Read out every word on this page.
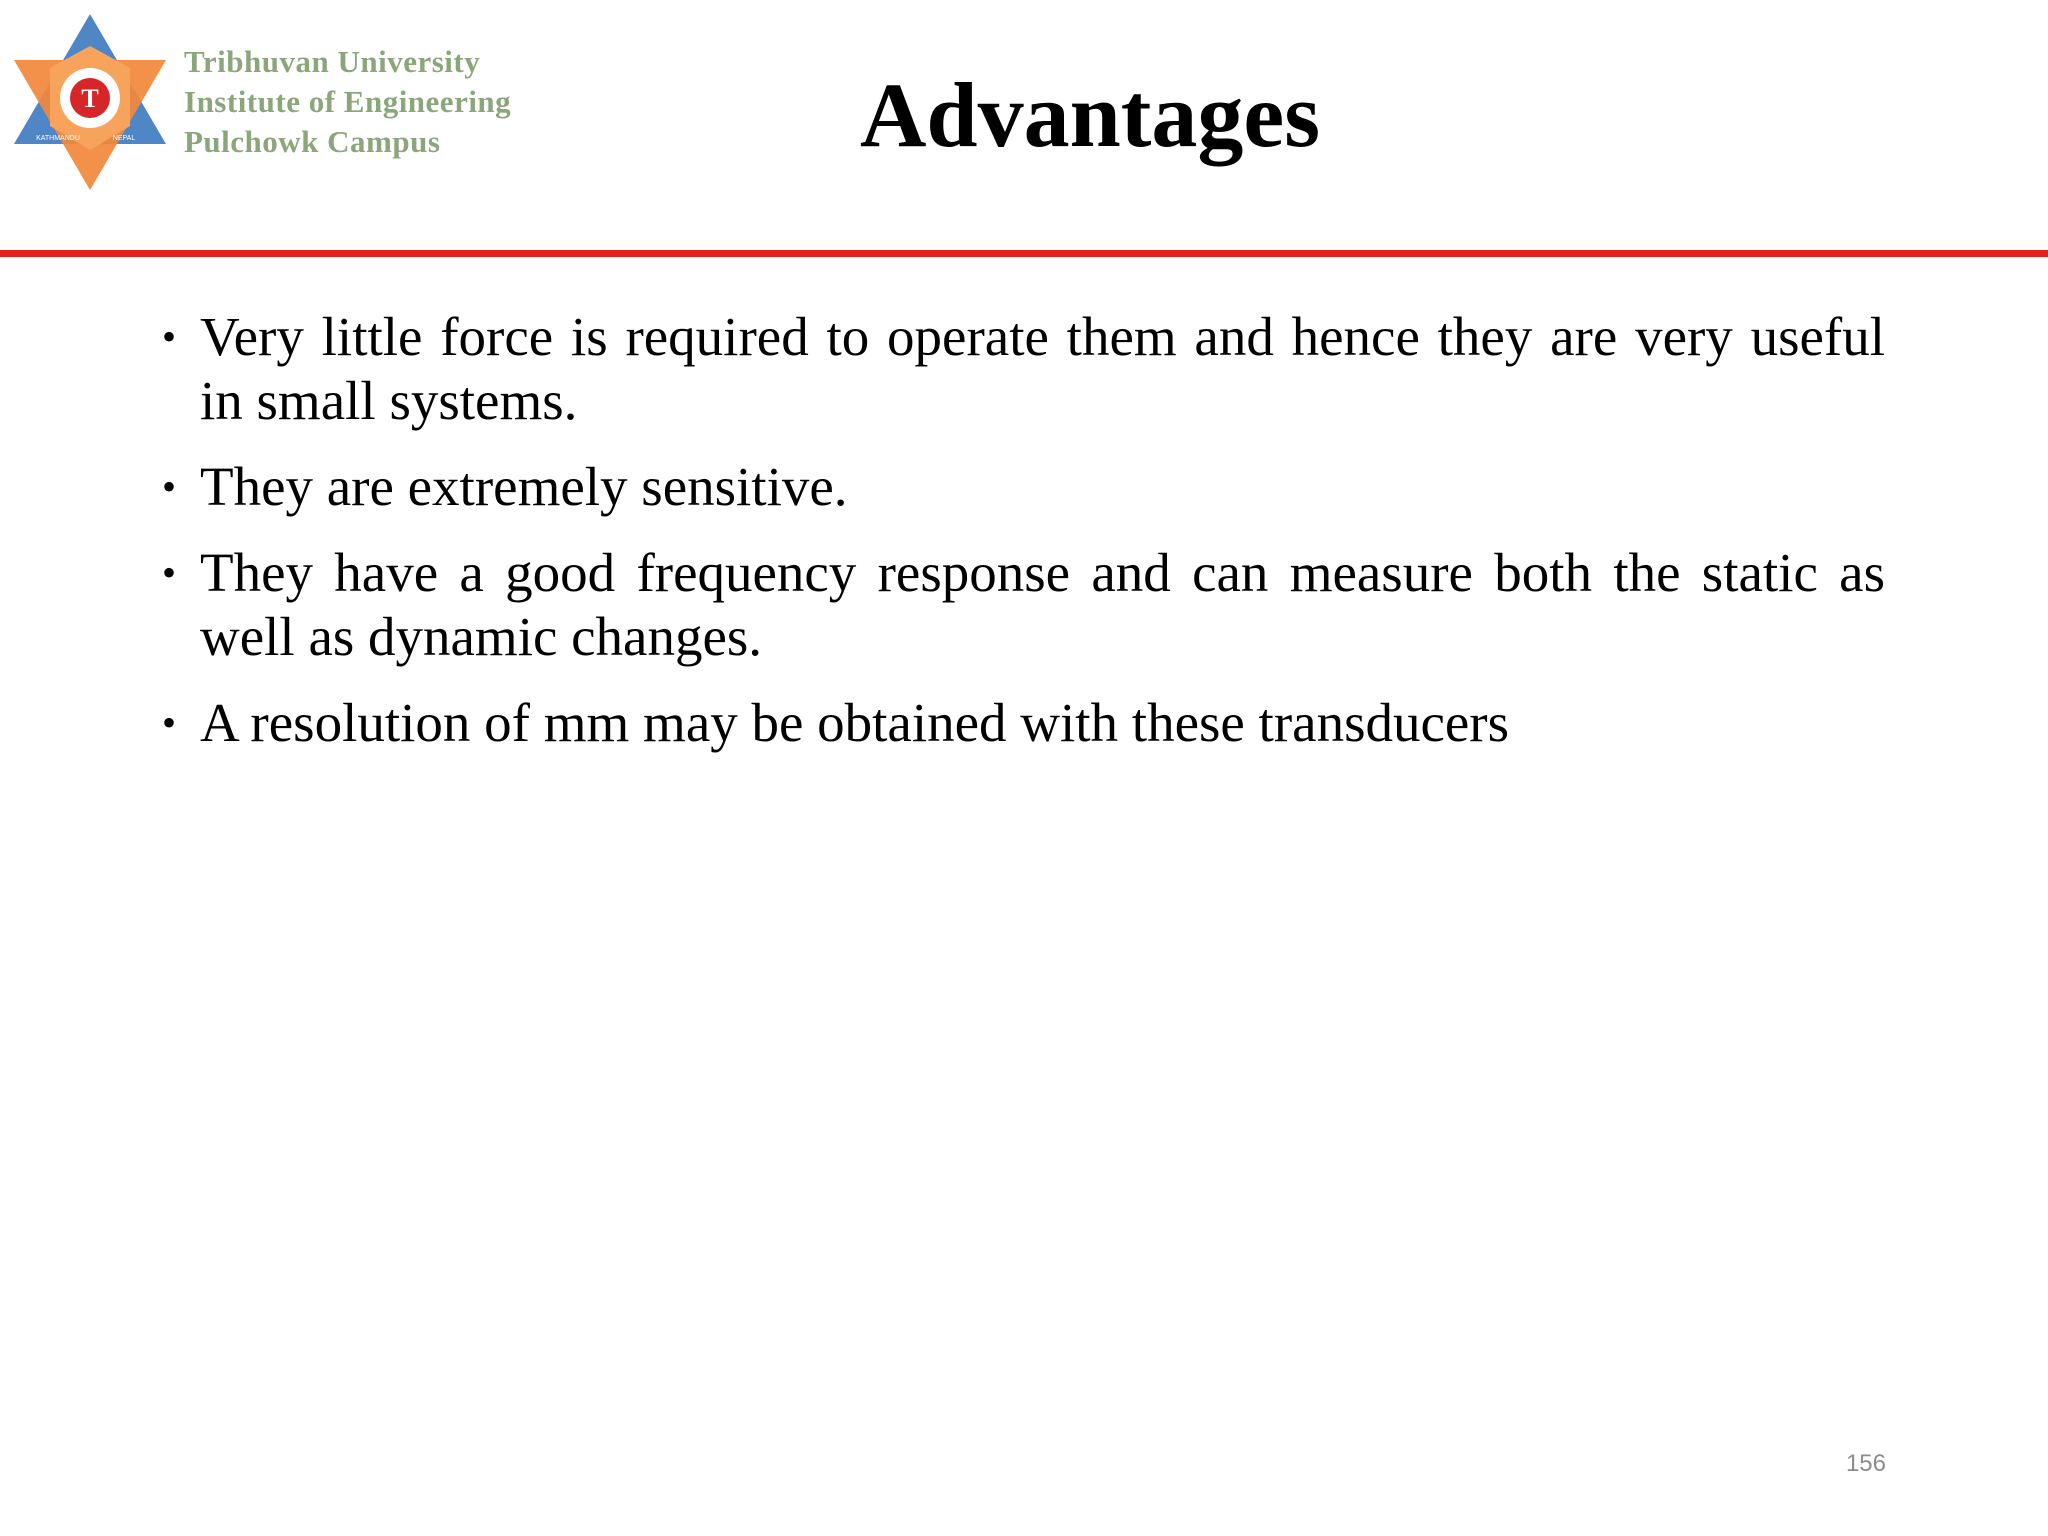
T
KATHMANDU	NEPAL
Tribhuvan University
Institute of Engineering
Pulchowk Campus	Advantages
• Very little force is required to operate them and hence they are very useful in small systems.
• They are extremely sensitive.
• They have a good frequency response and can measure both the static as well as dynamic changes.
• A resolution of mm may be obtained with these transducers
156
